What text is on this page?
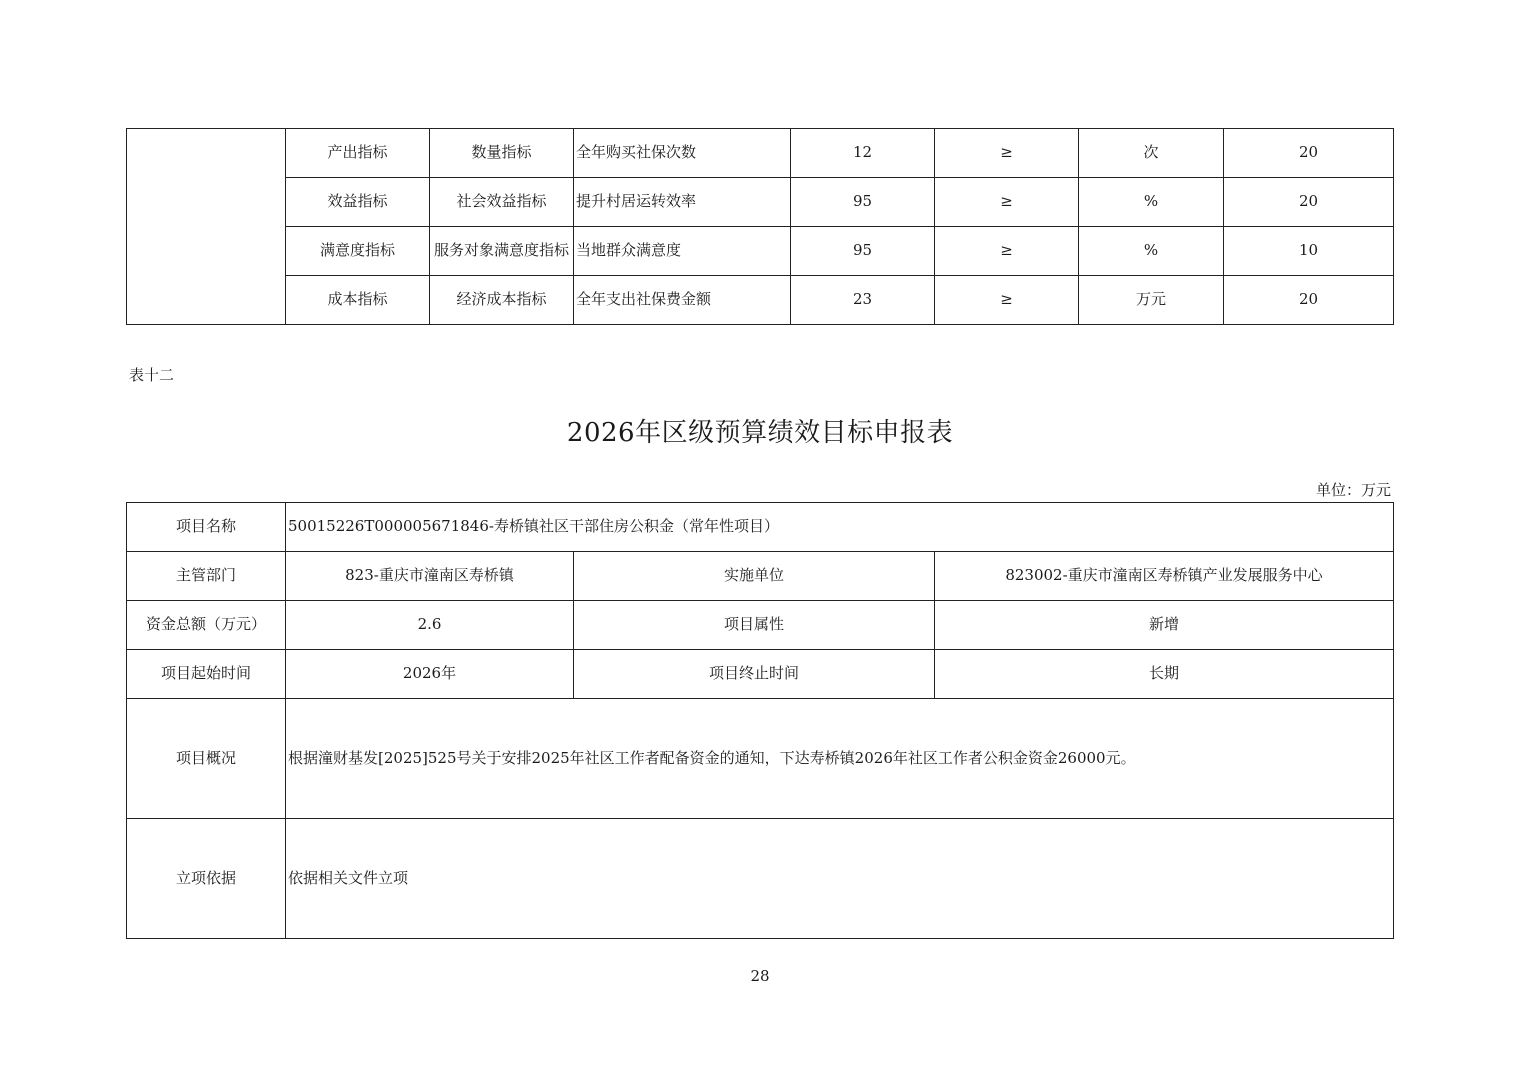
	产出指标	数量指标	全年购买社保次数	12	≥	次	20
	效益指标	社会效益指标	提升村居运转效率	95	≥	%	20
	满意度指标	服务对象满意度指标	当地群众满意度	95	≥	%	10
	成本指标	经济成本指标	全年支出社保费金额	23	≥	万元	20
表十二
2026年区级预算绩效目标申报表
单位：万元
项目名称	50015226T000005671846-寿桥镇社区干部住房公积金（常年性项目）		
主管部门	823-重庆市潼南区寿桥镇	实施单位	823002-重庆市潼南区寿桥镇产业发展服务中心
资金总额（万元）	2.6	项目属性	新增
项目起始时间	2026年	项目终止时间	长期
项目概况	根据潼财基发[2025]525号关于安排2025年社区工作者配备资金的通知，下达寿桥镇2026年社区工作者公积金资金26000元。		
立项依据	依据相关文件立项		
28
